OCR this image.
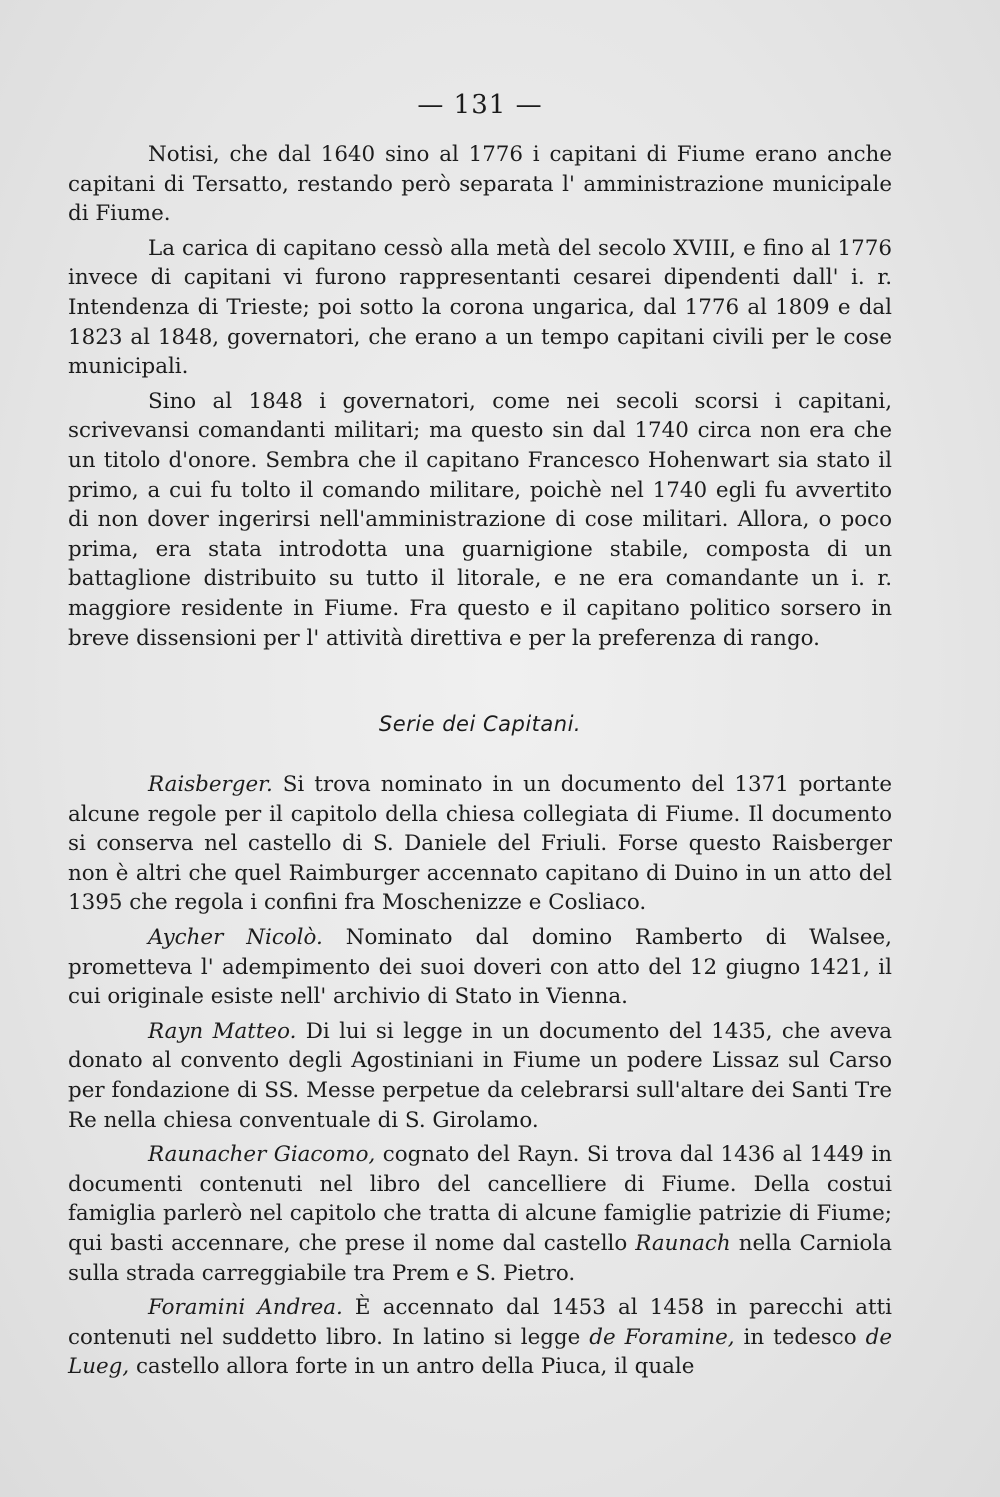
— 131 —

Notisi, che dal 1640 sino al 1776 i capitani di Fiume erano anche capitani di Tersatto, restando però separata l' amministrazione municipale di Fiume.

La carica di capitano cessò alla metà del secolo XVIII, e fino al 1776 invece di capitani vi furono rappresentanti cesarei dipendenti dall' i. r. Intendenza di Trieste; poi sotto la corona ungarica, dal 1776 al 1809 e dal 1823 al 1848, governatori, che erano a un tempo capitani civili per le cose municipali.

Sino al 1848 i governatori, come nei secoli scorsi i capitani, scrivevansi comandanti militari; ma questo sin dal 1740 circa non era che un titolo d'onore. Sembra che il capitano Francesco Hohenwart sia stato il primo, a cui fu tolto il comando militare, poichè nel 1740 egli fu avvertito di non dover ingerirsi nell'amministrazione di cose militari. Allora, o poco prima, era stata introdotta una guarnigione stabile, composta di un battaglione distribuito su tutto il litorale, e ne era comandante un i. r. maggiore residente in Fiume. Fra questo e il capitano politico sorsero in breve dissensioni per l' attività direttiva e per la preferenza di rango.

Serie dei Capitani.

Raisberger. Si trova nominato in un documento del 1371 portante alcune regole per il capitolo della chiesa collegiata di Fiume. Il documento si conserva nel castello di S. Daniele del Friuli. Forse questo Raisberger non è altri che quel Raimburger accennato capitano di Duino in un atto del 1395 che regola i confini fra Moschenizze e Cosliaco.

Aycher Nicolò. Nominato dal domino Ramberto di Walsee, prometteva l' adempimento dei suoi doveri con atto del 12 giugno 1421, il cui originale esiste nell' archivio di Stato in Vienna.

Rayn Matteo. Di lui si legge in un documento del 1435, che aveva donato al convento degli Agostiniani in Fiume un podere Lissaz sul Carso per fondazione di SS. Messe perpetue da celebrarsi sull'altare dei Santi Tre Re nella chiesa conventuale di S. Girolamo.

Raunacher Giacomo, cognato del Rayn. Si trova dal 1436 al 1449 in documenti contenuti nel libro del cancelliere di Fiume. Della costui famiglia parlerò nel capitolo che tratta di alcune famiglie patrizie di Fiume; qui basti accennare, che prese il nome dal castello Raunach nella Carniola sulla strada carreggiabile tra Prem e S. Pietro.

Foramini Andrea. È accennato dal 1453 al 1458 in parecchi atti contenuti nel suddetto libro. In latino si legge de Foramine, in tedesco de Lueg, castello allora forte in un antro della Piuca, il quale
